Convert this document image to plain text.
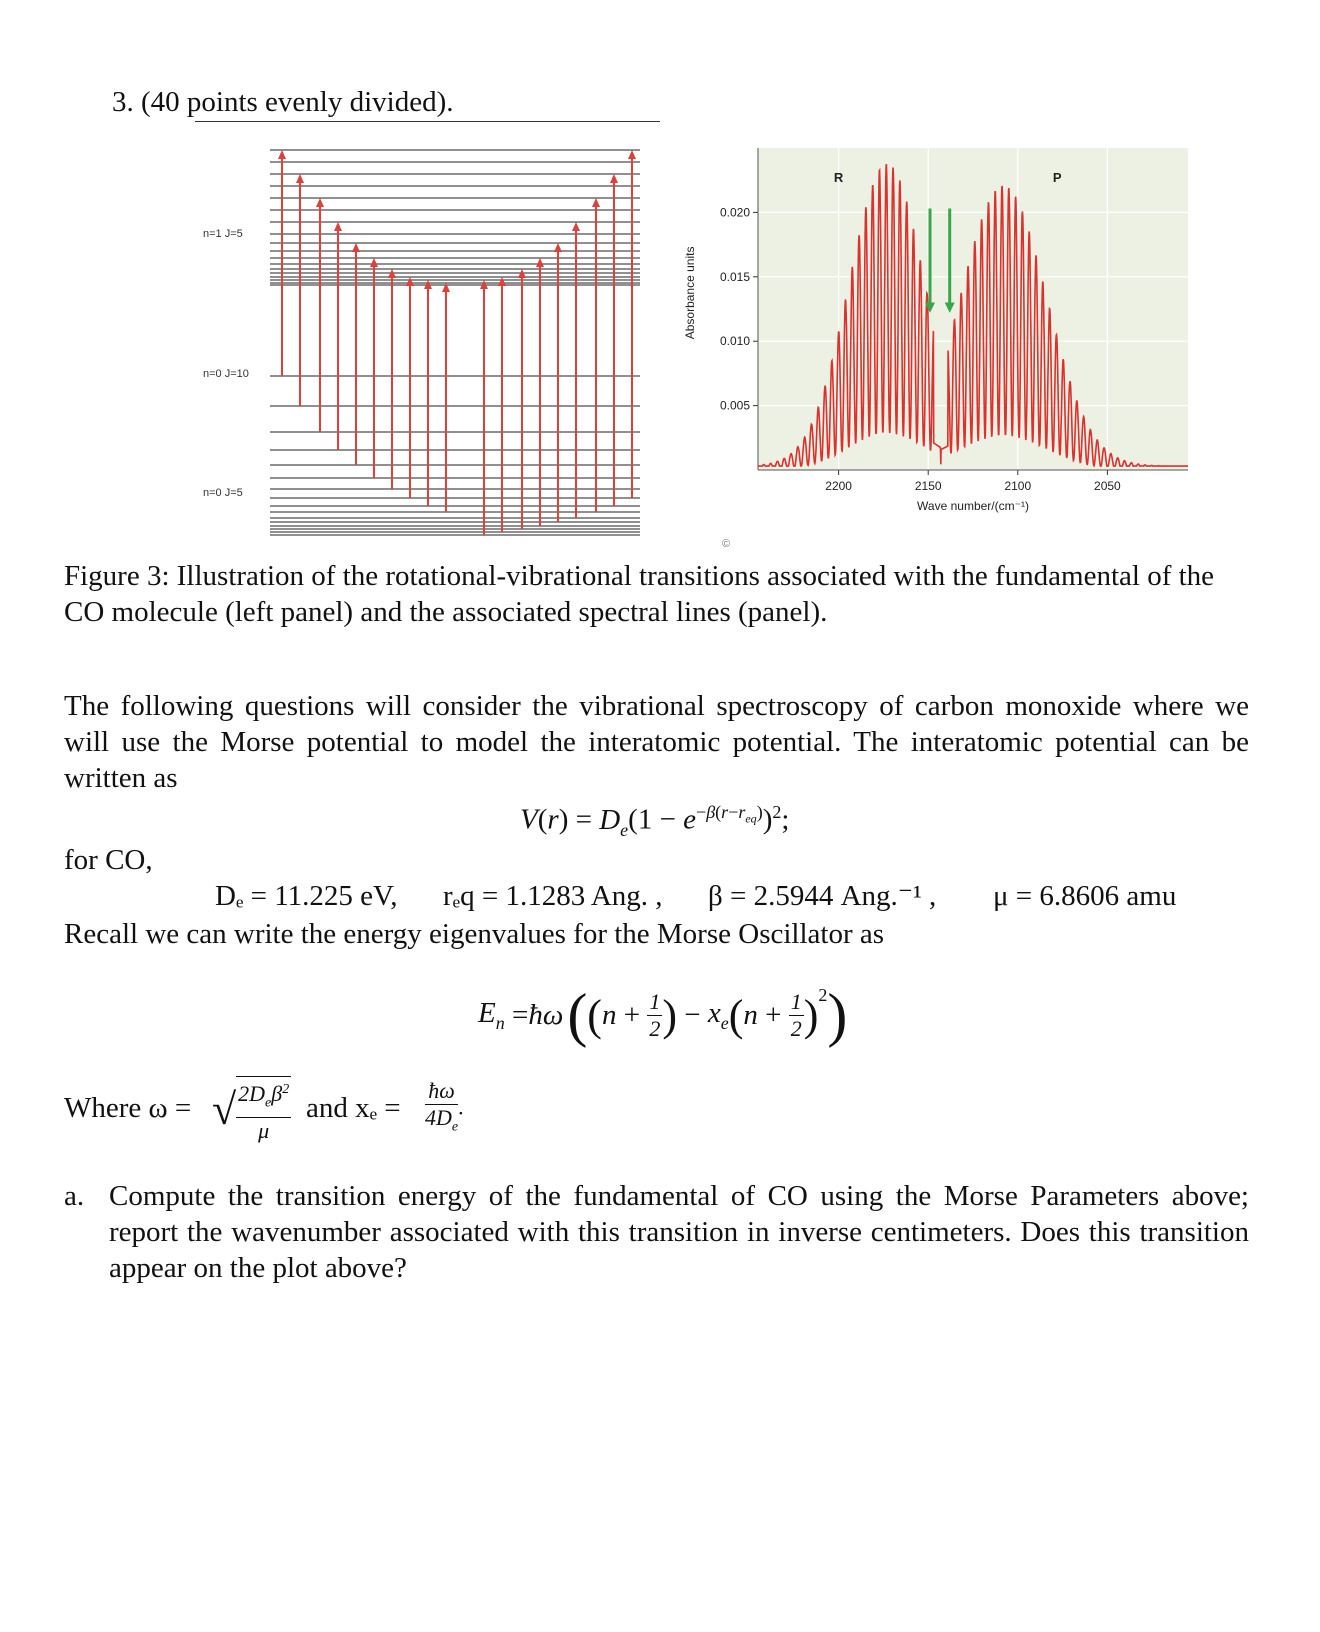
3. (40 points evenly divided).
n=1 J=5
n=0 J=10
n=0 J=5	2200	2150	2100	2050
0.020
0.015
0.010
0.005
R	P
Wave number/(cm⁻¹)
Absorbance units
©
Figure 3: Illustration of the rotational-vibrational transitions associated with the fundamental of the CO molecule (left panel) and the associated spectral lines (panel).
The following questions will consider the vibrational spectroscopy of carbon monoxide where we will use the Morse potential to model the interatomic potential. The interatomic potential can be written as
$V(r) = D_e(1 - e^{-\beta(r-r_{eq})})^2$;
for CO,
Dₑ = 11.225 eV, rₑq = 1.1283 Ang. , β = 2.5944 Ang.⁻¹ , μ = 6.8606 amu
Recall we can write the energy eigenvalues for the Morse Oscillator as
$E_n$ = ħω ( ( $n + \frac{1}{2}$ ) − $x_e$ ( $n + \frac{1}{2} )^2$ )
Where ω = √ $\frac{2D_e\beta^2}{\mu}$ and $x_e = \frac{ħ\omega}{4D_e}$ .
a. Compute the transition energy of the fundamental of CO using the Morse Parameters above; report the wavenumber associated with this transition in inverse centimeters. Does this transition appear on the plot above?
